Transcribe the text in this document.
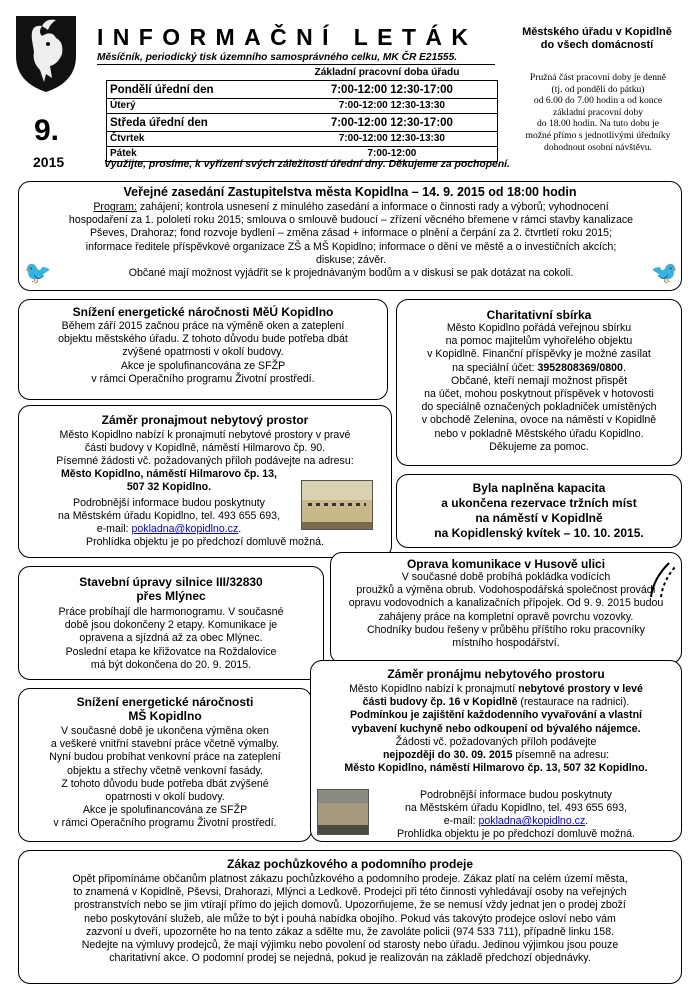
INFORMAČNÍ LETÁK	Městského úřadu v Kopidlně
do všech domácností
Měsíčník, periodický tisk územního samosprávného celku, MK ČR E21555.
9.
2015
Základní pracovní doba úřadu
Pondělí úřední den	7:00-12:00 12:30-17:00
Úterý	7:00-12:00 12:30-13:30
Středa úřední den	7:00-12:00 12:30-17:00
Čtvrtek	7:00-12:00 12:30-13:30
Pátek	7:00-12:00
Pružná část pracovní doby je denně
(tj. od pondělí do pátku)
od 6.00 do 7.00 hodin a od konce
základní pracovní doby
do 18.00 hodin. Na tuto dobu je
možné přímo s jednotlivými úředníky
dohodnout osobní návštěvu.
Využijte, prosíme, k vyřízení svých záležitostí úřední dny. Děkujeme za pochopení.
Veřejné zasedání Zastupitelstva města Kopidlna – 14. 9. 2015 od 18:00 hodin
Program: zahájení; kontrola usnesení z minulého zasedání a informace o činnosti rady a výborů; vyhodnocení
hospodaření za 1. pololetí roku 2015; smlouva o smlouvě budoucí – zřízení věcného břemene v rámci stavby kanalizace
Pševes, Drahoraz; fond rozvoje bydlení – změna zásad + informace o plnění a čerpání za 2. čtvrtletí roku 2015;
informace ředitele příspěvkové organizace ZŠ a MŠ Kopidlno; informace o dění ve městě a o investičních akcích;
diskuse; závěr.
Občané mají možnost vyjádřit se k projednávaným bodům a v diskusi se pak dotázat na cokoli.
🐦	🐦
Snížení energetické náročnosti MěÚ Kopidlno
Během září 2015 začnou práce na výměně oken a zateplení
objektu městského úřadu. Z tohoto důvodu bude potřeba dbát
zvýšené opatrnosti v okolí budovy.
Akce je spolufinancována ze SFŽP
v rámci Operačního programu Životní prostředí.
Záměr pronajmout nebytový prostor
Město Kopidlno nabízí k pronajmutí nebytové prostory v pravé
části budovy v Kopidlně, náměstí Hilmarovo čp. 90.
Písemné žádosti vč. požadovaných příloh podávejte na adresu:
Město Kopidlno, náměstí Hilmarovo čp. 13,
507 32 Kopidlno.
Podrobnější informace budou poskytnuty
na Městském úřadu Kopidlno, tel. 493 655 693,
e-mail: pokladna@kopidlno.cz.
Prohlídka objektu je po předchozí domluvě možná.
Stavební úpravy silnice III/32830
přes Mlýnec
Práce probíhají dle harmonogramu. V současné
době jsou dokončeny 2 etapy. Komunikace je
opravena a sjízdná až za obec Mlýnec.
Poslední etapa ke křižovatce na Roždalovice
má být dokončena do 20. 9. 2015.
Snížení energetické náročnosti
MŠ Kopidlno
V současné době je ukončena výměna oken
a veškeré vnitřní stavební práce včetně výmalby.
Nyní budou probíhat venkovní práce na zateplení
objektu a střechy včetně venkovní fasády.
Z tohoto důvodu bude potřeba dbát zvýšené
opatrnosti v okolí budovy.
Akce je spolufinancována ze SFŽP
v rámci Operačního programu Životní prostředí.
Charitativní sbírka
Město Kopidlno pořádá veřejnou sbírku
na pomoc majitelům vyhořelého objektu
v Kopidlně. Finanční příspěvky je možné zasílat
na speciální účet: 3952808369/0800.
Občané, kteří nemají možnost přispět
na účet, mohou poskytnout příspěvek v hotovosti
do speciálně označených pokladniček umístěných
v obchodě Zelenina, ovoce na náměstí v Kopidlně
nebo v pokladně Městského úřadu Kopidlno.
Děkujeme za pomoc.
Byla naplněna kapacita
a ukončena rezervace tržních míst
na náměstí v Kopidlně
na Kopidlenský kvítek – 10. 10. 2015.
Oprava komunikace v Husově ulici
V současné době probíhá pokládka vodících
proužků a výměna obrub. Vodohospodářská společnost provádí
opravu vodovodních a kanalizačních přípojek. Od 9. 9. 2015 budou
zahájeny práce na kompletní opravě povrchu vozovky.
Chodníky budou řešeny v průběhu příštího roku pracovníky
místního hospodářství.
Záměr pronájmu nebytového prostoru
Město Kopidlno nabízí k pronajmutí nebytové prostory v levé
části budovy čp. 16 v Kopidlně (restaurace na radnici).
Podmínkou je zajištění každodenního vyvařování a vlastní
vybavení kuchyně nebo odkoupení od bývalého nájemce.
Žádosti vč. požadovaných příloh podávejte
nejpozději do 30. 09. 2015 písemně na adresu:
Město Kopidlno, náměstí Hilmarovo čp. 13, 507 32 Kopidlno.
Podrobnější informace budou poskytnuty
na Městském úřadu Kopidlno, tel. 493 655 693,
e-mail: pokladna@kopidlno.cz.
Prohlídka objektu je po předchozí domluvě možná.
Zákaz pochůzkového a podomního prodeje
Opět připomínáme občanům platnost zákazu pochůzkového a podomního prodeje. Zákaz platí na celém území města,
to znamená v Kopidlně, Pševsi, Drahorazi, Mlýnci a Ledkově. Prodejci při této činnosti vyhledávají osoby na veřejných
prostranstvích nebo se jim vtírají přímo do jejich domovů. Upozorňujeme, že se nemusí vždy jednat jen o prodej zboží
nebo poskytování služeb, ale může to být i pouhá nabídka obojího. Pokud vás takovýto prodejce osloví nebo vám
zazvoní u dveří, upozorněte ho na tento zákaz a sdělte mu, že zavoláte policii (974 533 711), případně linku 158.
Nedejte na výmluvy prodejců, že mají výjimku nebo povolení od starosty nebo úřadu. Jedinou výjimkou jsou pouze
charitativní akce. O podomní prodej se nejedná, pokud je realizován na základě předchozí objednávky.
